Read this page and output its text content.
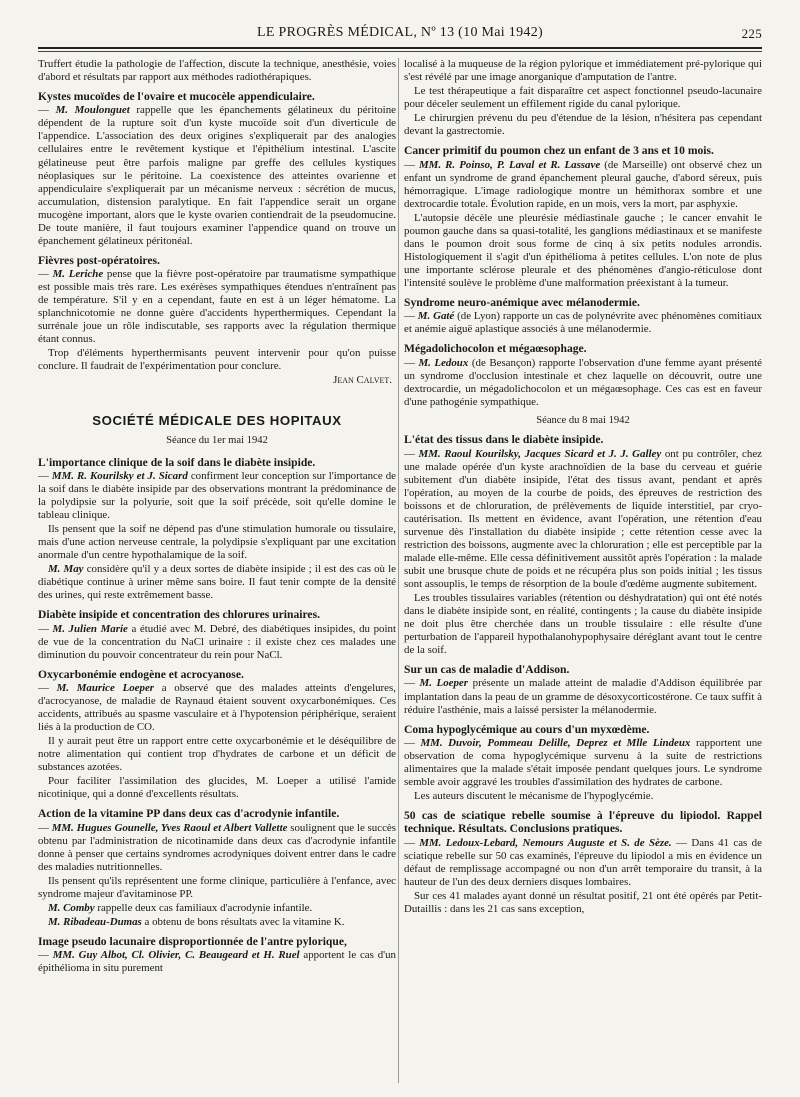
LE PROGRÈS MÉDICAL, Nº 13 (10 Mai 1942)	225

Truffert étudie la pathologie de l'affection, discute la technique, anesthésie, voies d'abord et résultats par rapport aux méthodes radiothérapiques.

Kystes mucoïdes de l'ovaire et mucocèle appendiculaire.

— M. Moulonguet rappelle que les épanchements gélatineux du péritoine dépendent de la rupture soit d'un kyste mucoïde soit d'un diverticule de l'appendice. L'association des deux origines s'expliquerait par des analogies cellulaires entre le revêtement kystique et l'épithélium intestinal. L'ascite gélatineuse peut être parfois maligne par greffe des cellules kystiques néoplasiques sur le péritoine. La coexistence des atteintes ovarienne et appendiculaire s'expliquerait par un mécanisme nerveux : sécrétion de mucus, accumulation, distension paralytique. En fait l'appendice serait un organe mucogène important, alors que le kyste ovarien contiendrait de la pseudomucine. De toute manière, il faut toujours examiner l'appendice quand on trouve un épanchement gélatineux péritonéal.

Fièvres post-opératoires.

— M. Leriche pense que la fièvre post-opératoire par traumatisme sympathique est possible mais très rare. Les exérèses sympathiques étendues n'entraînent pas de température. S'il y en a cependant, faute en est à un léger hématome. La splanchnicotomie ne donne guère d'accidents hyperthermiques. Cependant la surrénale joue un rôle indiscutable, ses rapports avec la régulation thermique étant connus.

Trop d'éléments hyperthermisants peuvent intervenir pour qu'on puisse conclure. Il faudrait de l'expérimentation pour conclure.

Jean Calvet.

SOCIÉTÉ MÉDICALE DES HOPITAUX
Séance du 1er mai 1942
L'importance clinique de la soif dans le diabète insipide.

— MM. R. Kourilsky et J. Sicard confirment leur conception sur l'importance de la soif dans le diabète insipide par des observations montrant la prédominance de la polydipsie sur la polyurie, soit que la soif précède, soit qu'elle domine le tableau clinique.

Ils pensent que la soif ne dépend pas d'une stimulation humorale ou tissulaire, mais d'une action nerveuse centrale, la polydipsie s'expliquant par une excitation anormale d'un centre hypothalamique de la soif.

M. May considère qu'il y a deux sortes de diabète insipide ; il est des cas où le diabétique continue à uriner même sans boire. Il faut tenir compte de la densité des urines, qui reste extrêmement basse.

Diabète insipide et concentration des chlorures urinaires.

— M. Julien Marie a étudié avec M. Debré, des diabétiques insipides, du point de vue de la concentration du NaCl urinaire : il existe chez ces malades une diminution du pouvoir concentrateur du rein pour NaCl.

Oxycarbonémie endogène et acrocyanose.

— M. Maurice Loeper a observé que des malades atteints d'engelures, d'acrocyanose, de maladie de Raynaud étaient souvent oxycarbonémiques. Ces accidents, attribués au spasme vasculaire et à l'hypotension périphérique, seraient liés à la production de CO.

Il y aurait peut être un rapport entre cette oxycarbonémie et le déséquilibre de notre alimentation qui contient trop d'hydrates de carbone et un déficit de substances azotées.

Pour faciliter l'assimilation des glucides, M. Loeper a utilisé l'amide nicotinique, qui a donné d'excellents résultats.

Action de la vitamine PP dans deux cas d'acrodynie infantile.

— MM. Hugues Gounelle, Yves Raoul et Albert Vallette soulignent que le succès obtenu par l'administration de nicotinamide dans deux cas d'acrodynie infantile donne à penser que certains syndromes acrodyniques doivent entrer dans le cadre des maladies nutritionnelles.

Ils pensent qu'ils représentent une forme clinique, particulière à l'enfance, avec syndrome majeur d'avitaminose PP.

M. Comby rappelle deux cas familiaux d'acrodynie infantile.

M. Ribadeau-Dumas a obtenu de bons résultats avec la vitamine K.

Image pseudo lacunaire disproportionnée de l'antre pylorique,

— MM. Guy Albot, Cl. Olivier, C. Beaugeard et H. Ruel apportent le cas d'un épithélioma in situ purement

localisé à la muqueuse de la région pylorique et immédiatement pré-pylorique qui s'est révélé par une image anorganique d'amputation de l'antre.

Le test thérapeutique a fait disparaître cet aspect fonctionnel pseudo-lacunaire pour déceler seulement un effilement rigide du canal pylorique.

Le chirurgien prévenu du peu d'étendue de la lésion, n'hésitera pas cependant devant la gastrectomie.

Cancer primitif du poumon chez un enfant de 3 ans et 10 mois.

— MM. R. Poinso, P. Laval et R. Lassave (de Marseille) ont observé chez un enfant un syndrome de grand épanchement pleural gauche, d'abord séreux, puis hémorragique. L'image radiologique montre un hémithorax sombre et une dextrocardie totale. Évolution rapide, en un mois, vers la mort, par asphyxie.

L'autopsie décèle une pleurésie médiastinale gauche ; le cancer envahit le poumon gauche dans sa quasi-totalité, les ganglions médiastinaux et se manifeste dans le poumon droit sous forme de cinq à six petits nodules arrondis. Histologiquement il s'agit d'un épithélioma à petites cellules. L'on note de plus une importante sclérose pleurale et des phénomènes d'angio-réticulose dont l'intensité soulève le problème d'une malformation préexistant à la tumeur.

Syndrome neuro-anémique avec mélanodermie.

— M. Gaté (de Lyon) rapporte un cas de polynévrite avec phénomènes comitiaux et anémie aiguë aplastique associés à une mélanodermie.

Mégadolichocolon et mégaœsophage.

— M. Ledoux (de Besançon) rapporte l'observation d'une femme ayant présenté un syndrome d'occlusion intestinale et chez laquelle on découvrit, outre une dextrocardie, un mégadolichocolon et un mégaœsophage. Ces cas est en faveur d'une pathogénie sympathique.

Séance du 8 mai 1942
L'état des tissus dans le diabète insipide.

— MM. Raoul Kourilsky, Jacques Sicard et J. J. Galley ont pu contrôler, chez une malade opérée d'un kyste arachnoïdien de la base du cerveau et guérie subitement d'un diabète insipide, l'état des tissus avant, pendant et après l'opération, au moyen de la courbe de poids, des épreuves de restriction des boissons et de chloruration, de prélèvements de liquide interstitiel, par cryo-cautérisation. Ils mettent en évidence, avant l'opération, une rétention d'eau survenue dès l'installation du diabète insipide ; cette rétention cesse avec la restriction des boissons, augmente avec la chloruration ; elle est perceptible par la malade elle-même. Elle cessa définitivement aussitôt après l'opération : la malade subit une brusque chute de poids et ne récupéra plus son poids initial ; les tissus sont assouplis, le temps de résorption de la boule d'œdème augmente subitement.

Les troubles tissulaires variables (rétention ou déshydratation) qui ont été notés dans le diabète insipide sont, en réalité, contingents ; la cause du diabète insipide ne doit plus être cherchée dans un trouble tissulaire : elle résulte d'une perturbation de l'appareil hypothalanohypophysaire déréglant avant tout le centre de la soif.

Sur un cas de maladie d'Addison.

— M. Loeper présente un malade atteint de maladie d'Addison équilibrée par implantation dans la peau de un gramme de désoxycorticostérone. Ce taux suffit à réduire l'asthénie, mais a laissé persister la mélanodermie.

Coma hypoglycémique au cours d'un myxœdème.

— MM. Duvoir, Pommeau Delille, Deprez et Mlle Lindeux rapportent une observation de coma hypoglycémique survenu à la suite de restrictions alimentaires que la malade s'était imposée pendant quelques jours. Le syndrome semble avoir aggravé les troubles d'assimilation des hydrates de carbone.

Les auteurs discutent le mécanisme de l'hypoglycémie.

50 cas de sciatique rebelle soumise à l'épreuve du lipiodol. Rappel technique. Résultats. Conclusions pratiques.

— MM. Ledoux-Lebard, Nemours Auguste et S. de Sèze. — Dans 41 cas de sciatique rebelle sur 50 cas examinés, l'épreuve du lipiodol a mis en évidence un défaut de remplissage accompagné ou non d'un arrêt temporaire du transit, à la hauteur de l'un des deux derniers disques lombaires.

Sur ces 41 malades ayant donné un résultat positif, 21 ont été opérés par Petit-Dutaillis : dans les 21 cas sans exception,
